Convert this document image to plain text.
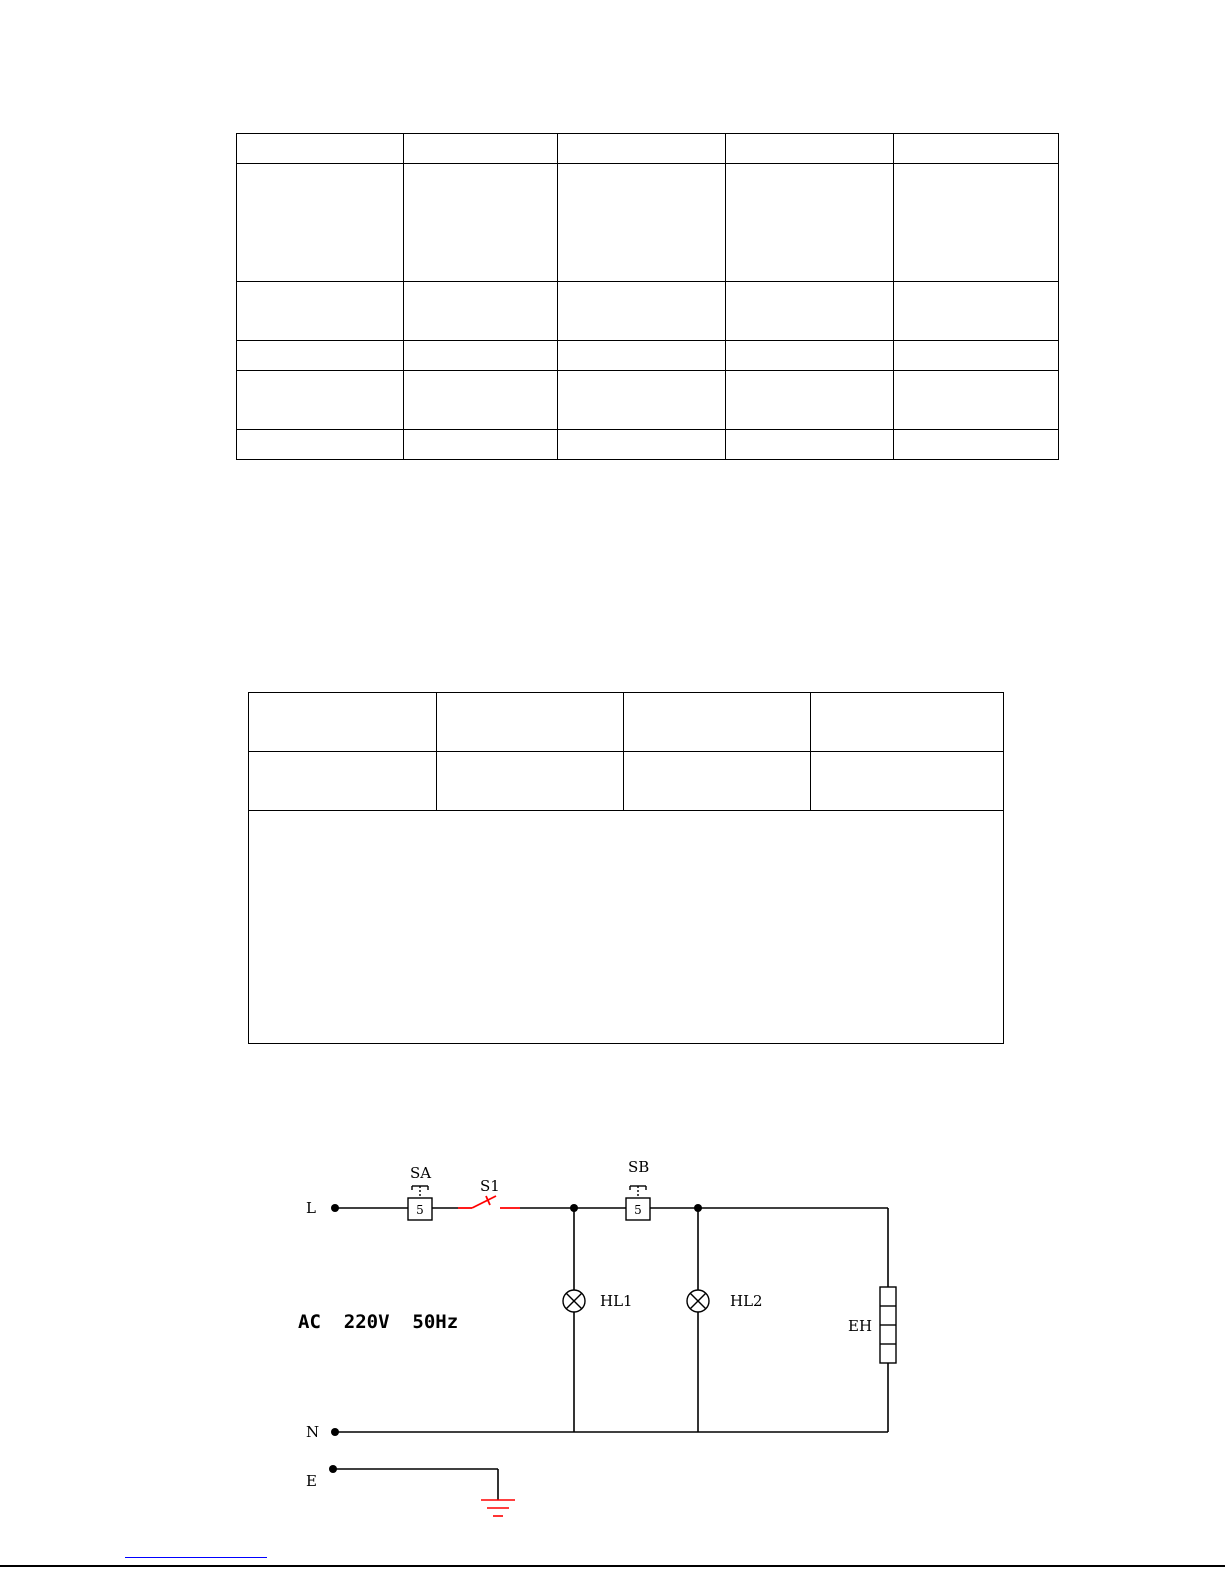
5	5
L
N
E
SA
S1
SB
HL1	HL2
EH
AC  220V  50Hz
